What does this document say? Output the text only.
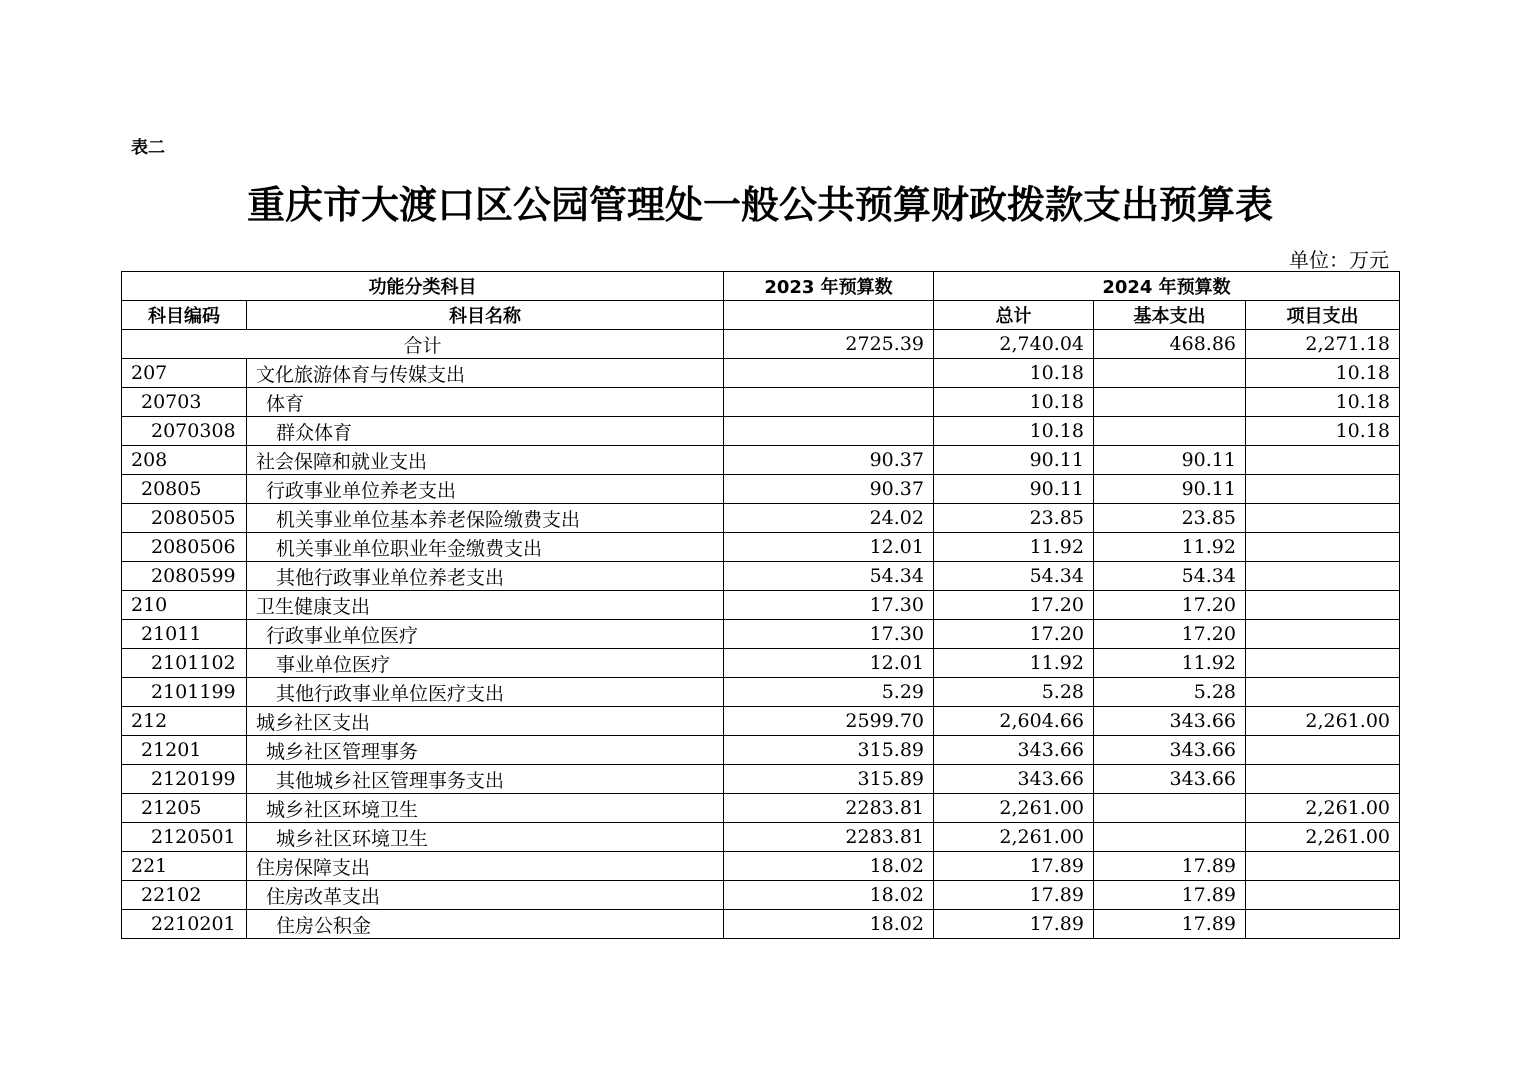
表二
重庆市大渡口区公园管理处一般公共预算财政拨款支出预算表
单位：万元
功能分类科目		2023 年预算数	2024 年预算数		
科目编码	科目名称		总计	基本支出	项目支出
合计		2725.39	2,740.04	468.86	2,271.18
207	文化旅游体育与传媒支出		10.18		10.18
20703	体育		10.18		10.18
2070308	群众体育		10.18		10.18
208	社会保障和就业支出	90.37	90.11	90.11	
20805	行政事业单位养老支出	90.37	90.11	90.11	
2080505	机关事业单位基本养老保险缴费支出	24.02	23.85	23.85	
2080506	机关事业单位职业年金缴费支出	12.01	11.92	11.92	
2080599	其他行政事业单位养老支出	54.34	54.34	54.34	
210	卫生健康支出	17.30	17.20	17.20	
21011	行政事业单位医疗	17.30	17.20	17.20	
2101102	事业单位医疗	12.01	11.92	11.92	
2101199	其他行政事业单位医疗支出	5.29	5.28	5.28	
212	城乡社区支出	2599.70	2,604.66	343.66	2,261.00
21201	城乡社区管理事务	315.89	343.66	343.66	
2120199	其他城乡社区管理事务支出	315.89	343.66	343.66	
21205	城乡社区环境卫生	2283.81	2,261.00		2,261.00
2120501	城乡社区环境卫生	2283.81	2,261.00		2,261.00
221	住房保障支出	18.02	17.89	17.89	
22102	住房改革支出	18.02	17.89	17.89	
2210201	住房公积金	18.02	17.89	17.89	
